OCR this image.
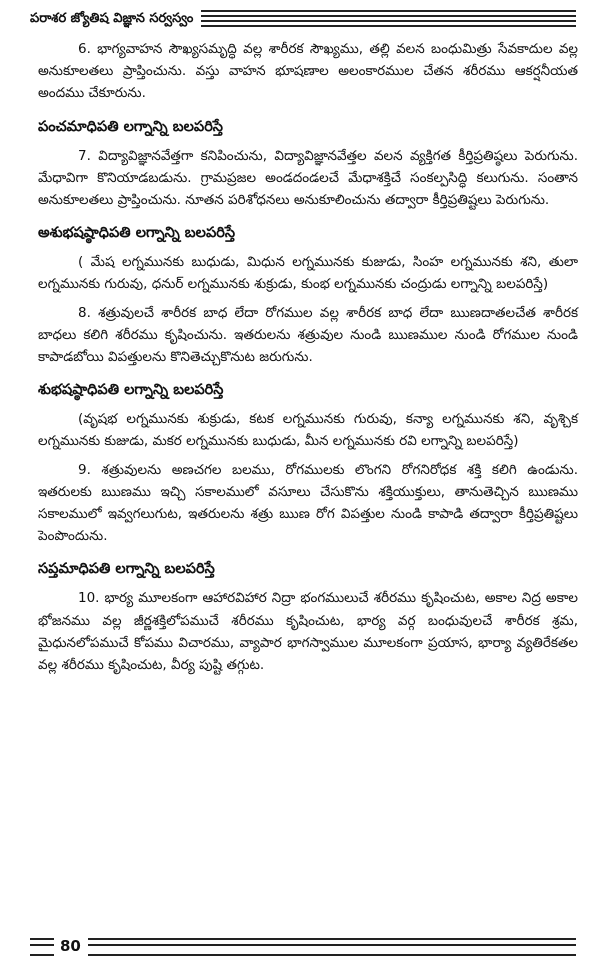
పరాశర జ్యోతిష విజ్ఞాన సర్వస్వం

6. భాగ్యవాహన సౌఖ్యసమృద్ధి వల్ల శారీరక సౌఖ్యము, తల్లి వలన బంధుమిత్రు సేవకాదుల వల్ల అనుకూలతలు ప్రాప్తించును. వస్తు వాహన భూషణాల అలంకారముల చేతన శరీరము ఆకర్షనీయత అందము చేకూరును.

పంచమాధిపతి లగ్నాన్ని బలపరిస్తే

7. విద్యావిజ్ఞానవేత్తగా కనిపించును, విద్యావిజ్ఞానవేత్తల వలన వ్యక్తిగత కీర్తిప్రతిష్ఠలు పెరుగును. మేధావిగా కొనియాడబడును. గ్రామప్రజల అండదండలచే మేధాశక్తిచే సంకల్పసిద్ధి కలుగును. సంతాన అనుకూలతలు ప్రాప్తించును. నూతన పరిశోధనలు అనుకూలించును తద్వారా కీర్తిప్రతిష్టలు పెరుగును.

అశుభషష్ఠాధిపతి లగ్నాన్ని బలపరిస్తే

( మేష లగ్నమునకు బుధుడు, మిధున లగ్నమునకు కుజుడు, సింహ లగ్నమునకు శని, తులా లగ్నమునకు గురువు, ధనుర్ లగ్నమునకు శుక్రుడు, కుంభ లగ్నమునకు చంద్రుడు లగ్నాన్ని బలపరిస్తే)

8. శత్రువులచే శారీరక బాధ లేదా రోగముల వల్ల శారీరక బాధ లేదా ఋణదాతలచేత శారీరక బాధలు కలిగి శరీరము కృషించును. ఇతరులను శత్రువుల నుండి ఋణముల నుండి రోగముల నుండి కాపాడబోయి విపత్తులను కొనితెచ్చుకొనుట జరుగును.

శుభషష్ఠాధిపతి లగ్నాన్ని బలపరిస్తే

(వృషభ లగ్నమునకు శుక్రుడు, కటక లగ్నమునకు గురువు, కన్యా లగ్నమునకు శని, వృశ్చిక లగ్నమునకు కుజుడు, మకర లగ్నమునకు బుధుడు, మీన లగ్నమునకు రవి లగ్నాన్ని బలపరిస్తే)

9. శత్రువులను అణచగల బలము, రోగములకు లొంగని రోగనిరోధక శక్తి కలిగి ఉండును. ఇతరులకు ఋణము ఇచ్చి సకాలములో వసూలు చేసుకొను శక్తియుక్తులు, తానుతెచ్చిన ఋణము సకాలములో ఇవ్వగలుగుట, ఇతరులను శత్రు ఋణ రోగ విపత్తుల నుండి కాపాడి తద్వారా కీర్తిప్రతిష్టలు పెంపొందును.

సప్తమాధిపతి లగ్నాన్ని బలపరిస్తే

10. భార్య మూలకంగా ఆహారవిహార నిద్రా భంగములుచే శరీరము కృషించుట, అకాల నిద్ర అకాల భోజనము వల్ల జీర్ణశక్తిలోపముచే శరీరము కృషించుట, భార్య వర్గ బంధువులచే శారీరక శ్రమ, మైధునలోపముచే కోపము విచారము, వ్యాపార భాగస్వాముల మూలకంగా ప్రయాస, భార్యా వ్యతిరేకతల వల్ల శరీరము కృషించుట, వీర్య పుష్టి తగ్గుట.

80
